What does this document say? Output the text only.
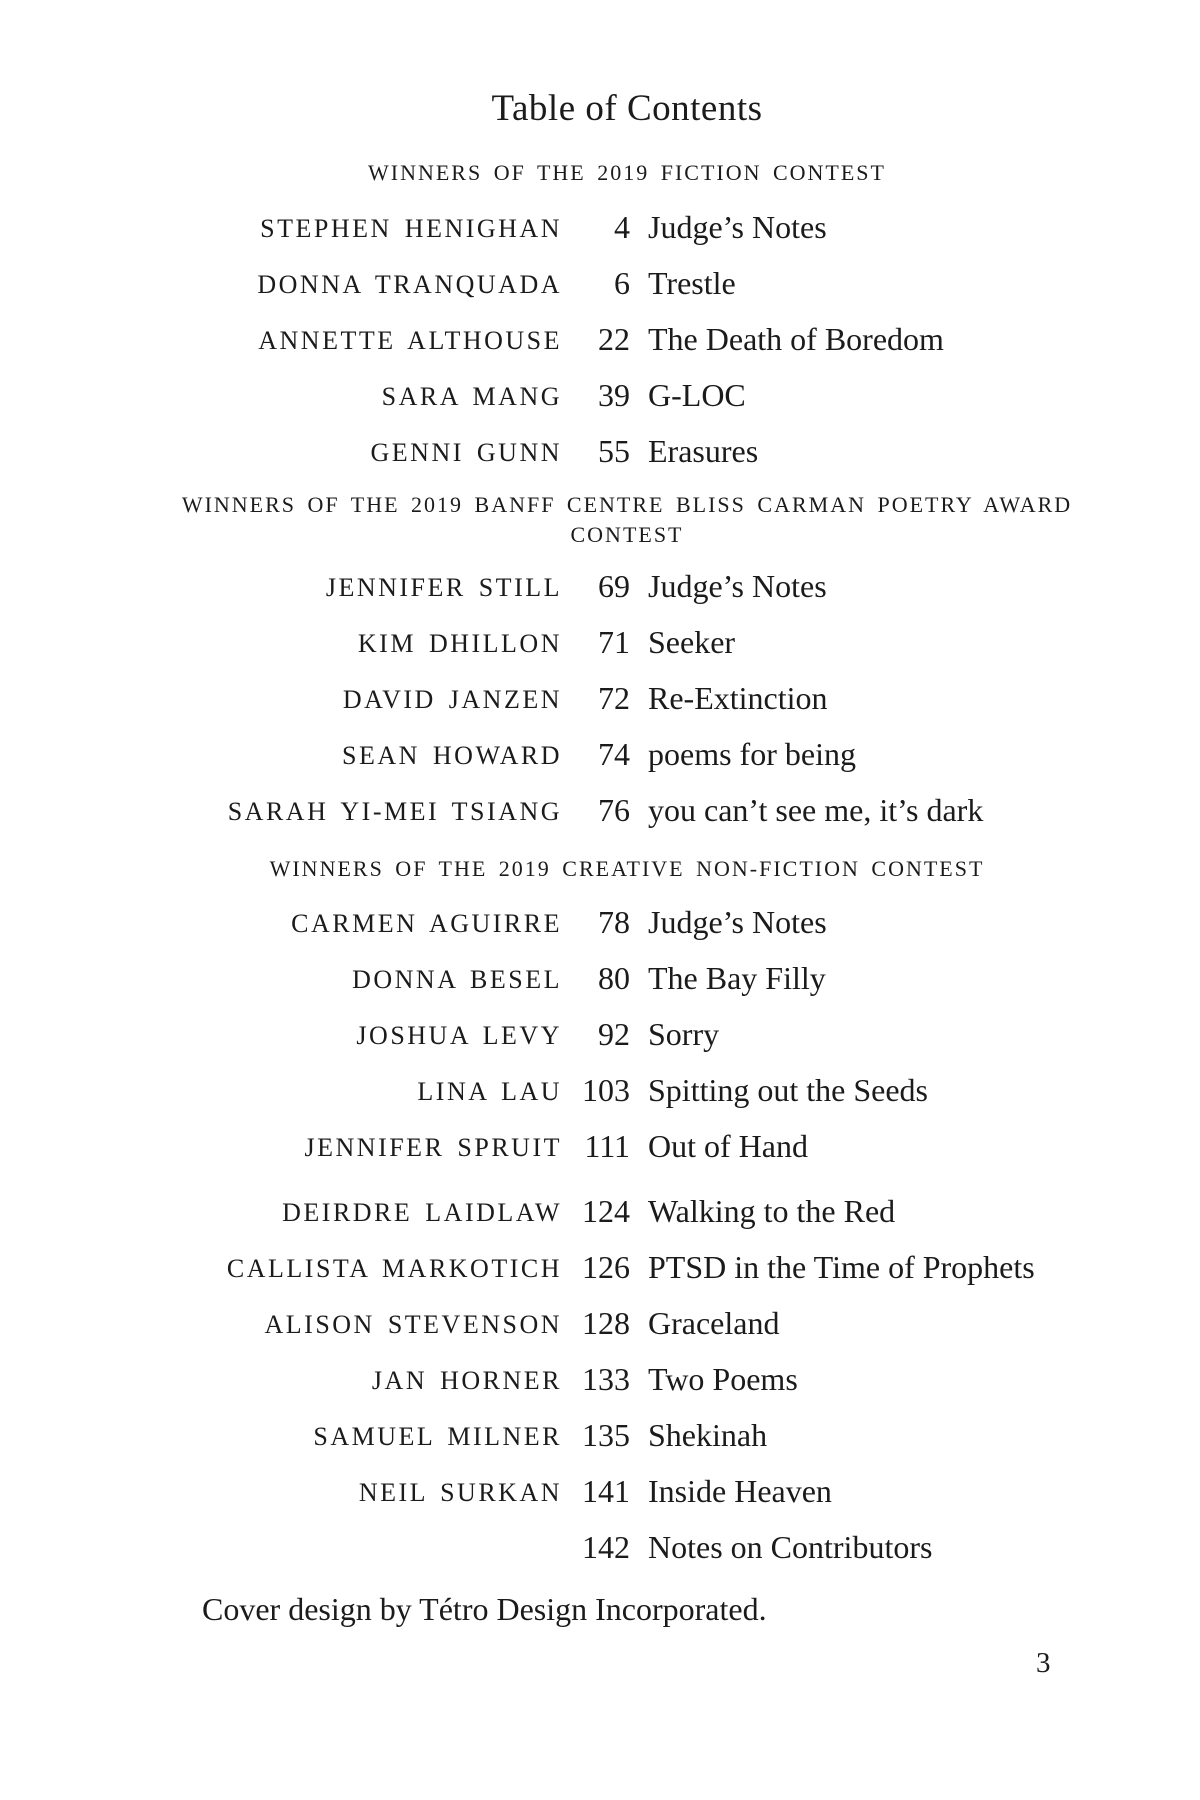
Table of Contents
WINNERS OF THE 2019 FICTION CONTEST
STEPHEN HENIGHAN	4 Judge’s Notes
DONNA TRANQUADA	6 Trestle
ANNETTE ALTHOUSE	22 The Death of Boredom
SARA MANG	39 G-LOC
GENNI GUNN	55 Erasures
WINNERS OF THE 2019 BANFF CENTRE BLISS CARMAN POETRY AWARD
CONTEST
JENNIFER STILL	69 Judge’s Notes
KIM DHILLON	71 Seeker
DAVID JANZEN	72 Re-Extinction
SEAN HOWARD	74 poems for being
SARAH YI-MEI TSIANG	76 you can’t see me, it’s dark
WINNERS OF THE 2019 CREATIVE NON-FICTION CONTEST
CARMEN AGUIRRE	78 Judge’s Notes
DONNA BESEL	80 The Bay Filly
JOSHUA LEVY	92 Sorry
LINA LAU 103 Spitting out the Seeds
JENNIFER SPRUIT 111 Out of Hand
DEIRDRE LAIDLAW 124 Walking to the Red
CALLISTA MARKOTICH 126 PTSD in the Time of Prophets
ALISON STEVENSON 128 Graceland
JAN HORNER 133 Two Poems
SAMUEL MILNER 135 Shekinah
NEIL SURKAN 141 Inside Heaven
142 Notes on Contributors

Cover design by Tétro Design Incorporated.

3
